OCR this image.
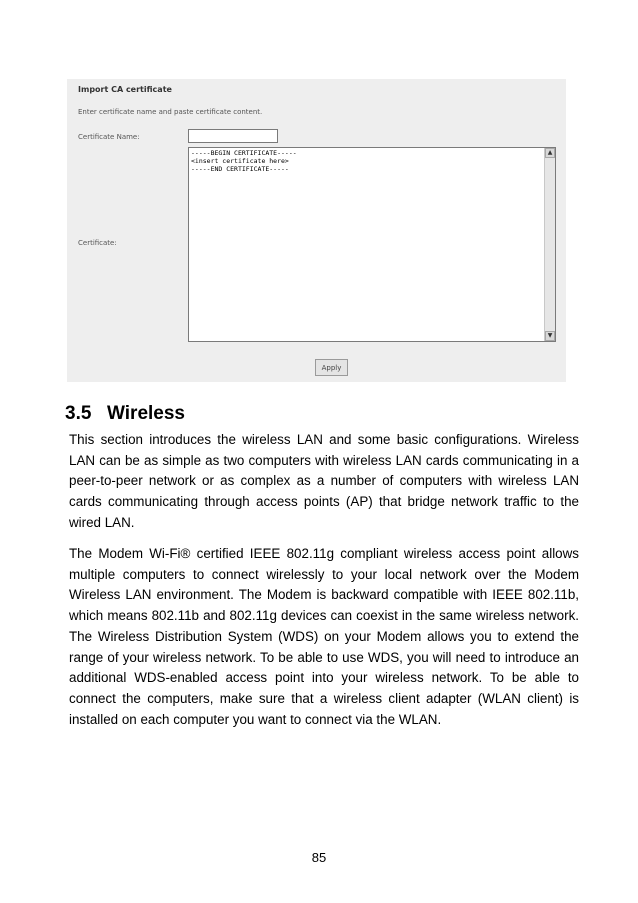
Import CA certificate
Enter certificate name and paste certificate content.
Certificate Name:
Certificate:
-----BEGIN CERTIFICATE----- <insert certificate here> -----END CERTIFICATE-----
▲
▼
Apply
3.5 Wireless

This section introduces the wireless LAN and some basic configurations. Wireless LAN can be as simple as two computers with wireless LAN cards communicating in a peer-to-peer network or as complex as a number of computers with wireless LAN cards communicating through access points (AP) that bridge network traffic to the wired LAN.

The Modem Wi-Fi® certified IEEE 802.11g compliant wireless access point allows multiple computers to connect wirelessly to your local network over the Modem Wireless LAN environment. The Modem is backward compatible with IEEE 802.11b, which means 802.11b and 802.11g devices can coexist in the same wireless network. The Wireless Distribution System (WDS) on your Modem allows you to extend the range of your wireless network. To be able to use WDS, you will need to introduce an additional WDS-enabled access point into your wireless network. To be able to connect the computers, make sure that a wireless client adapter (WLAN client) is installed on each computer you want to connect via the WLAN.

85
